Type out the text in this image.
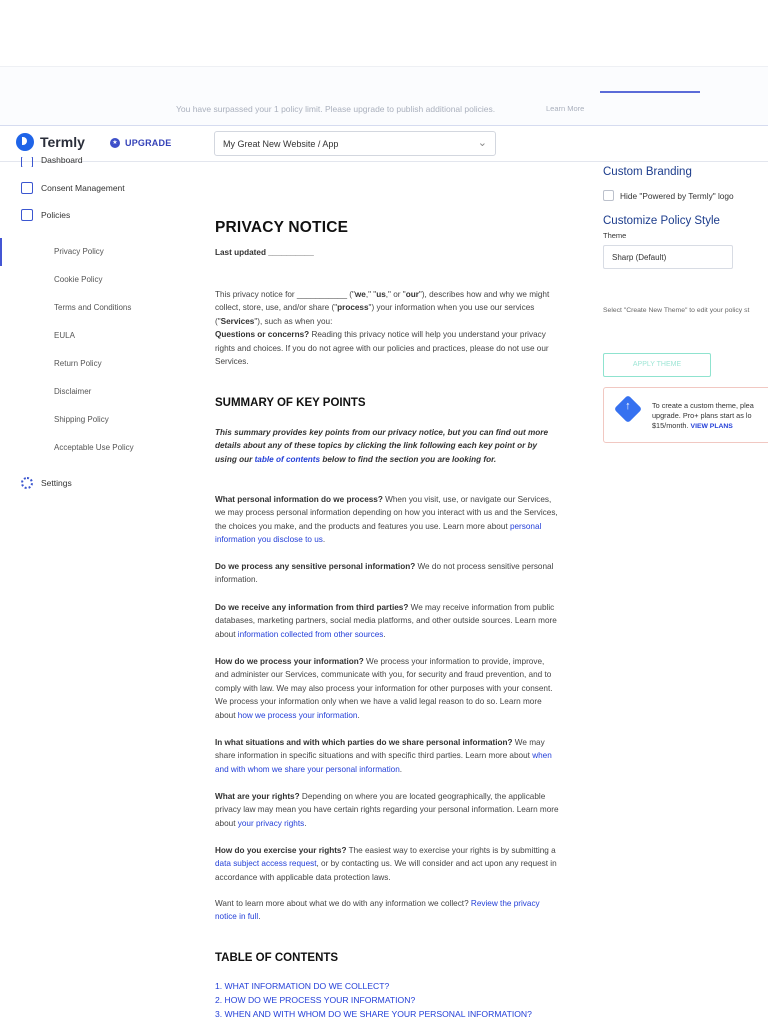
You have surpassed your 1 policy limit. Please upgrade to publish additional policies.	Learn More
Termly	★ UPGRADE	My Great New Website / App	⌄
Dashboard
Consent Management
Policies
Privacy Policy
Cookie Policy
Terms and Conditions
EULA
Return Policy
Disclaimer
Shipping Policy
Acceptable Use Policy
Settings
PRIVACY NOTICE
Last updated __________
This privacy notice for ___________ ("we," "us," or "our"), describes how and why we might collect, store, use, and/or share ("process") your information when you use our services ("Services"), such as when you:
Questions or concerns? Reading this privacy notice will help you understand your privacy rights and choices. If you do not agree with our policies and practices, please do not use our Services.
SUMMARY OF KEY POINTS
This summary provides key points from our privacy notice, but you can find out more details about any of these topics by clicking the link following each key point or by using our table of contents below to find the section you are looking for.
What personal information do we process? When you visit, use, or navigate our Services, we may process personal information depending on how you interact with us and the Services, the choices you make, and the products and features you use. Learn more about personal information you disclose to us.
Do we process any sensitive personal information? We do not process sensitive personal information.
Do we receive any information from third parties? We may receive information from public databases, marketing partners, social media platforms, and other outside sources. Learn more about information collected from other sources.
How do we process your information? We process your information to provide, improve, and administer our Services, communicate with you, for security and fraud prevention, and to comply with law. We may also process your information for other purposes with your consent. We process your information only when we have a valid legal reason to do so. Learn more about how we process your information.
In what situations and with which parties do we share personal information? We may share information in specific situations and with specific third parties. Learn more about when and with whom we share your personal information.
What are your rights? Depending on where you are located geographically, the applicable privacy law may mean you have certain rights regarding your personal information. Learn more about your privacy rights.
How do you exercise your rights? The easiest way to exercise your rights is by submitting a data subject access request, or by contacting us. We will consider and act upon any request in accordance with applicable data protection laws.
Want to learn more about what we do with any information we collect? Review the privacy notice in full.
TABLE OF CONTENTS
1. WHAT INFORMATION DO WE COLLECT?
2. HOW DO WE PROCESS YOUR INFORMATION?
3. WHEN AND WITH WHOM DO WE SHARE YOUR PERSONAL INFORMATION?
Custom Branding
Hide "Powered by Termly" logo
Customize Policy Style
Theme
Sharp (Default)
Select "Create New Theme" to edit your policy st
APPLY THEME
↑
To create a custom theme, plea upgrade. Pro+ plans start as lo $15/month. VIEW PLANS
